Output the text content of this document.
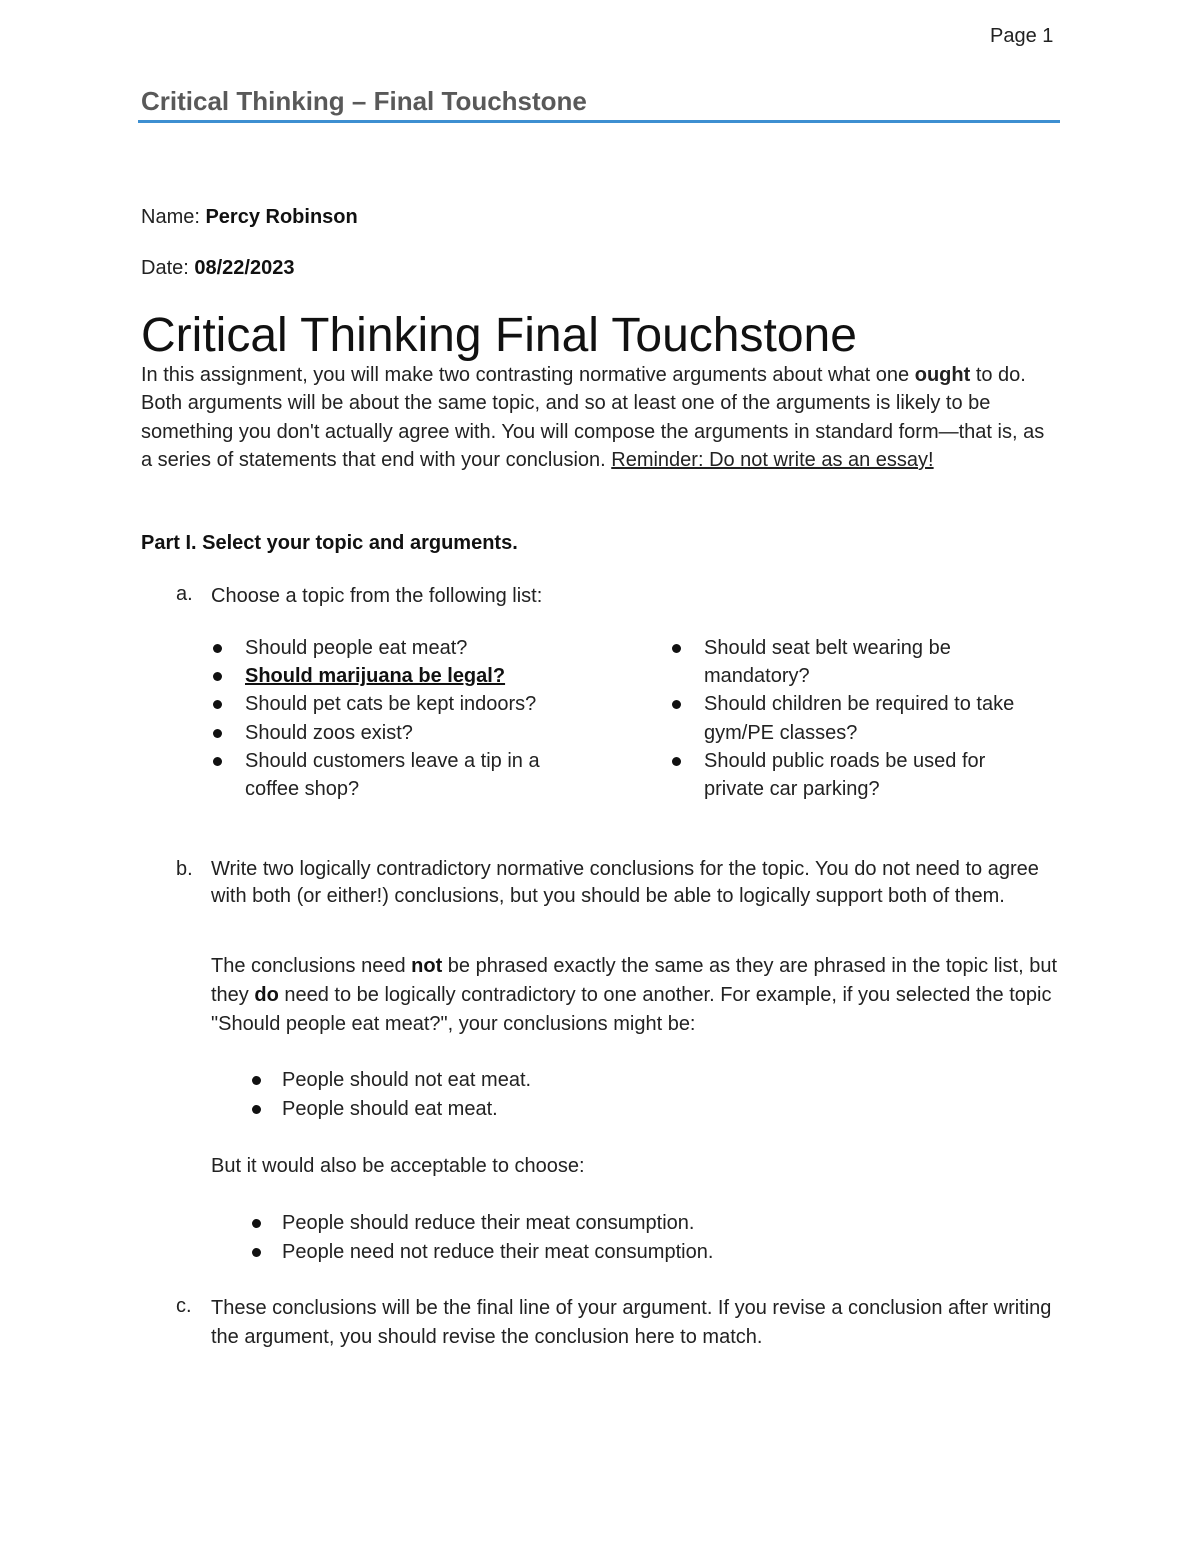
Page 1
Critical Thinking – Final Touchstone
Name: Percy Robinson
Date: 08/22/2023
Critical Thinking Final Touchstone
In this assignment, you will make two contrasting normative arguments about what one ought to do. Both arguments will be about the same topic, and so at least one of the arguments is likely to be something you don't actually agree with. You will compose the arguments in standard form—that is, as a series of statements that end with your conclusion. Reminder: Do not write as an essay!
Part I. Select your topic and arguments.
a. Choose a topic from the following list:
Should people eat meat?
Should marijuana be legal?
Should pet cats be kept indoors?
Should zoos exist?
Should customers leave a tip in a coffee shop?
Should seat belt wearing be mandatory?
Should children be required to take gym/PE classes?
Should public roads be used for private car parking?
b. Write two logically contradictory normative conclusions for the topic. You do not need to agree with both (or either!) conclusions, but you should be able to logically support both of them.
The conclusions need not be phrased exactly the same as they are phrased in the topic list, but they do need to be logically contradictory to one another. For example, if you selected the topic "Should people eat meat?", your conclusions might be:
People should not eat meat.
People should eat meat.
But it would also be acceptable to choose:
People should reduce their meat consumption.
People need not reduce their meat consumption.
c. These conclusions will be the final line of your argument. If you revise a conclusion after writing the argument, you should revise the conclusion here to match.
